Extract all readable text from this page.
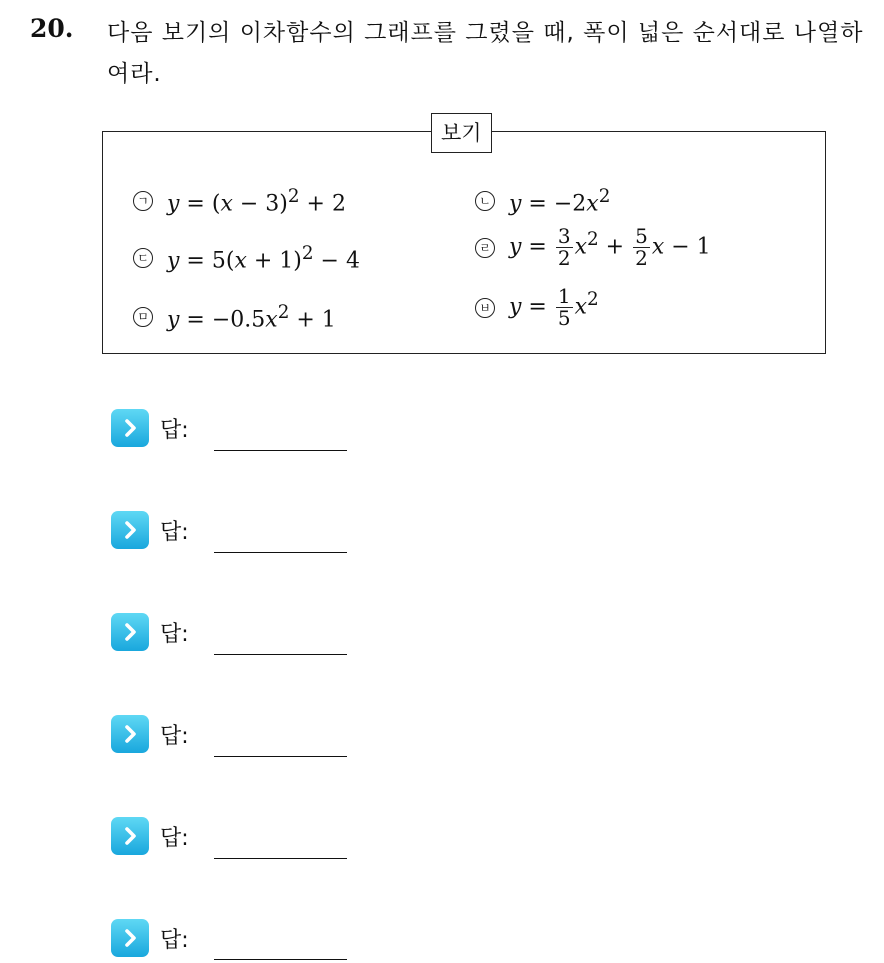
20. 다음 보기의 이차함수의 그래프를 그렸을 때, 폭이 넓은 순서대로 나열하여라.
보기
ㄱ $y = (x - 3)^2 + 2$	ㄴ $y = -2x^2$
ㄷ $y = 5(x + 1)^2 - 4$
ㄹ $y = \frac{3}{2} x^2 + \frac{5}{2}$ x − 1
ㅁ $y = -0.5x^2 + 1$	ㅂ $y = \frac{1}{5} x^2$
답:
답:
답:
답:
답:
답:
